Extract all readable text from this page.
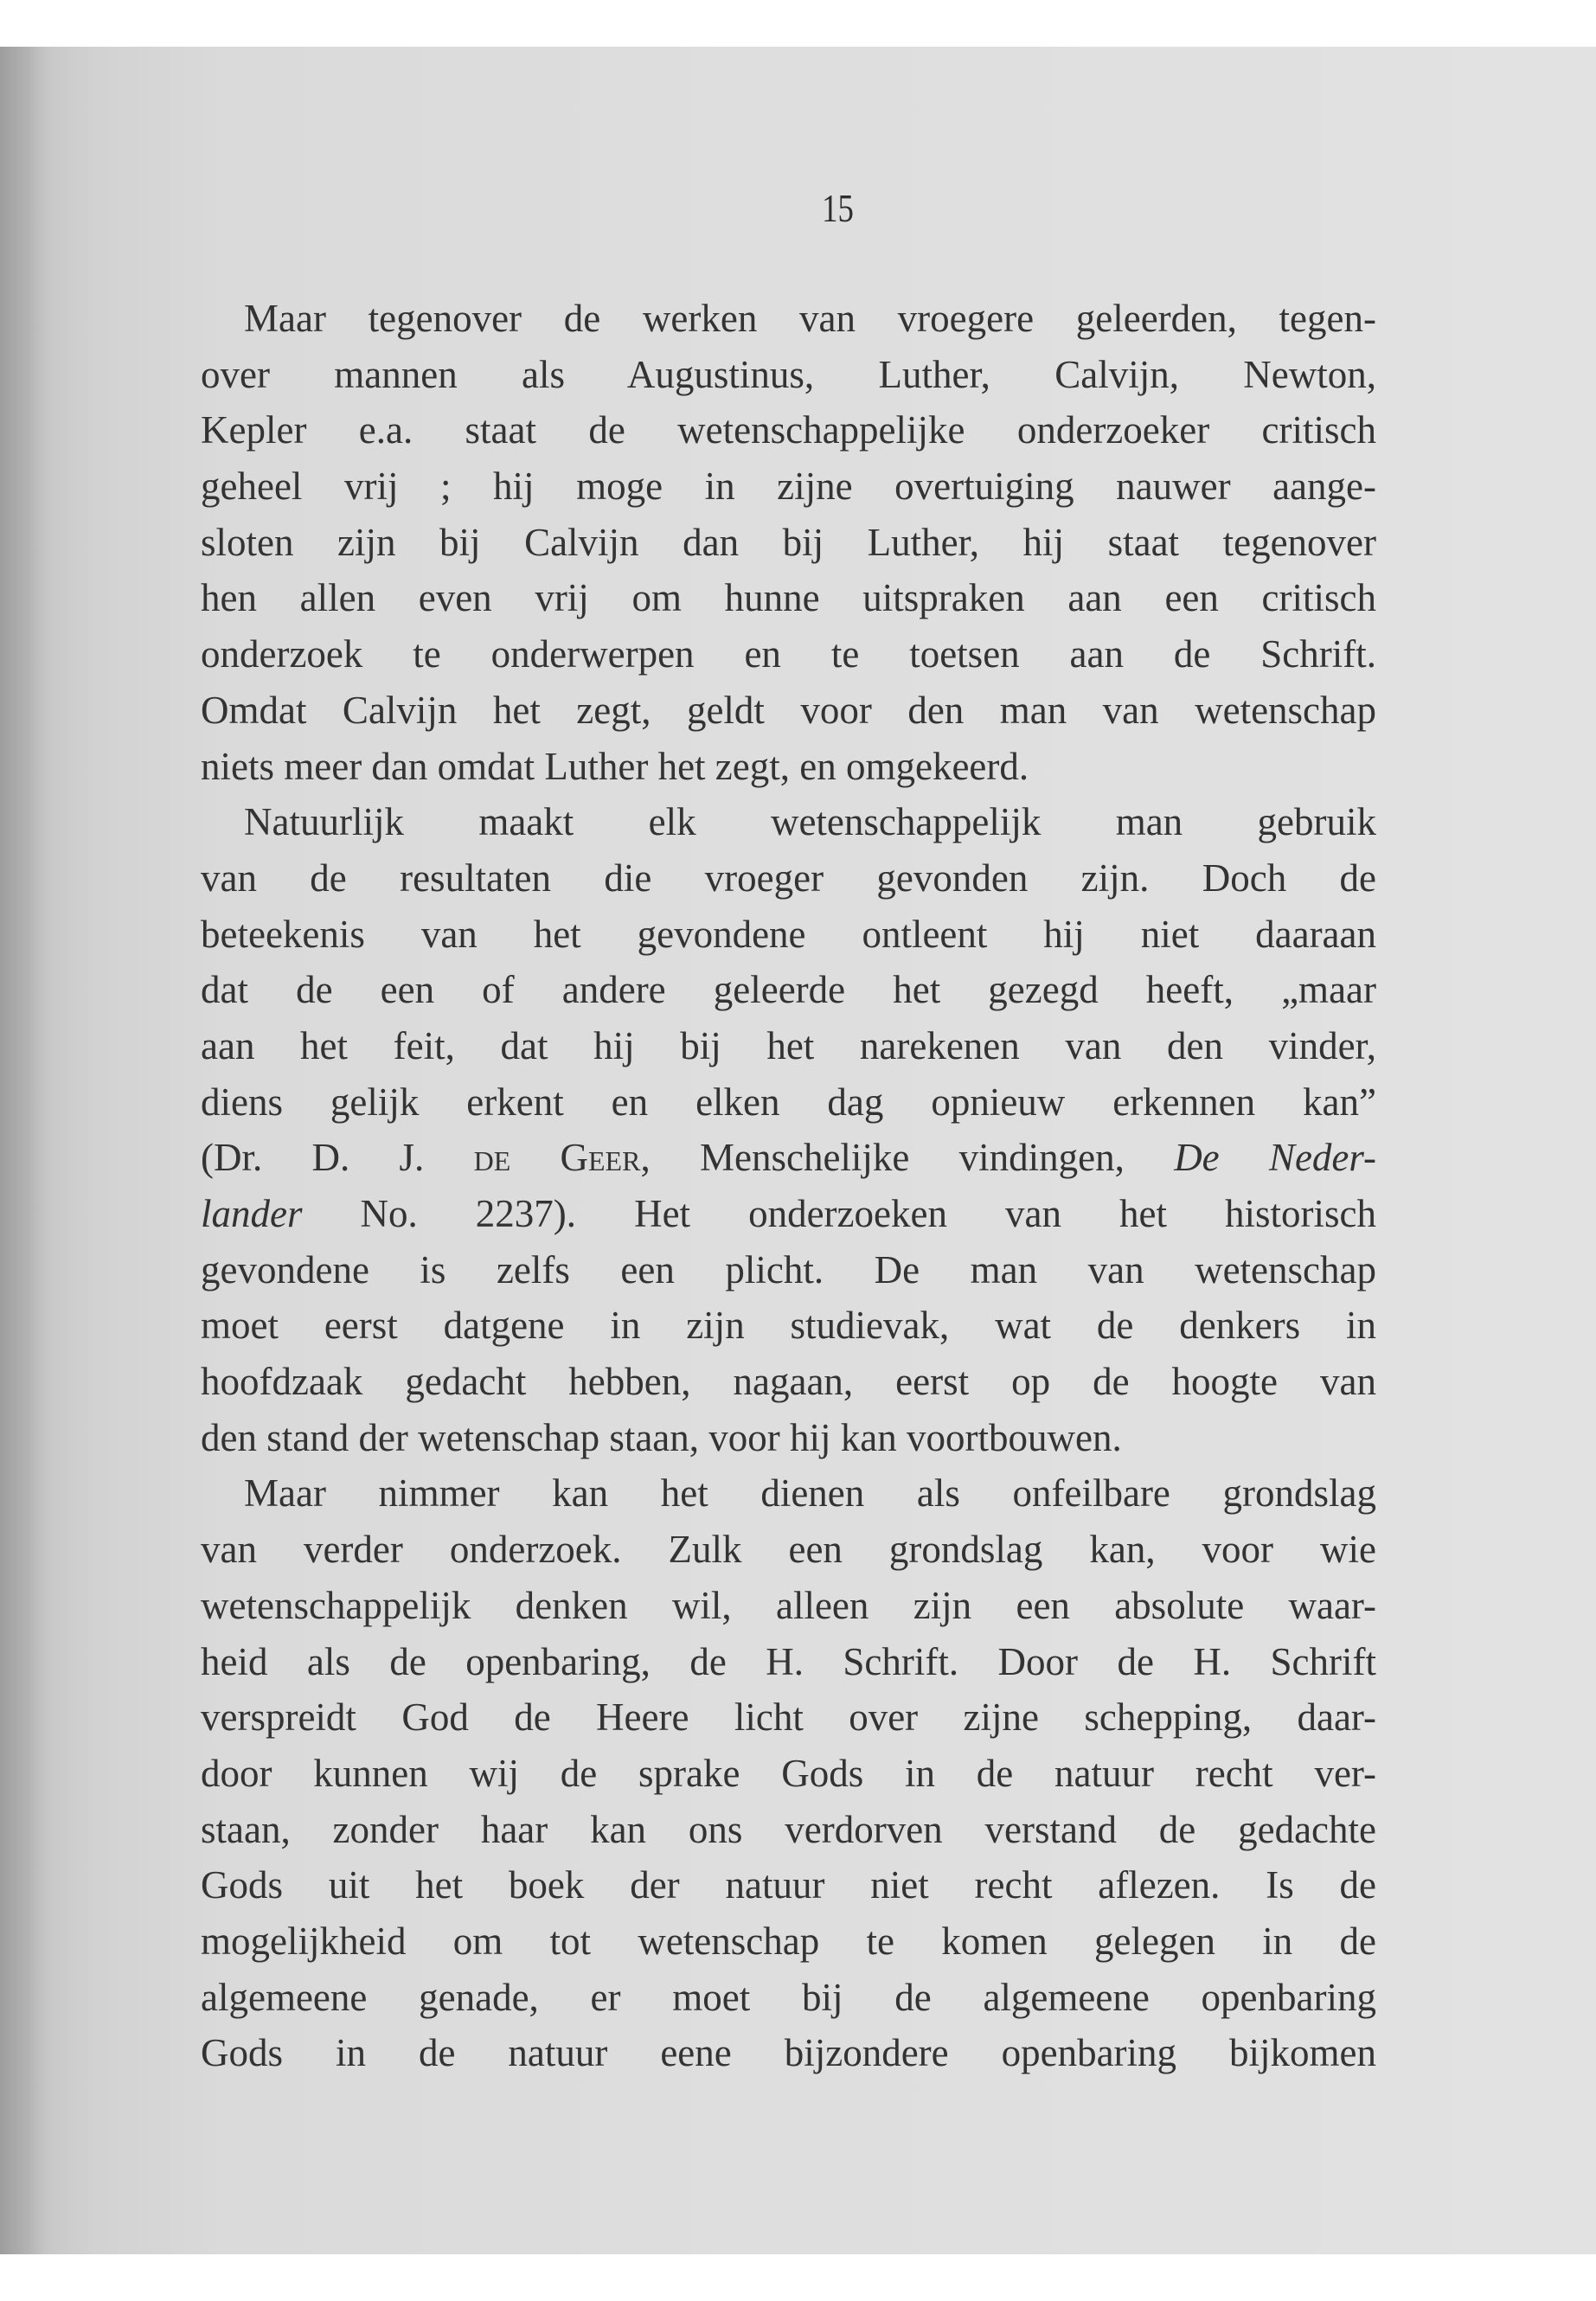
15
Maar tegenover de werken van vroegere geleerden, tegen-
over mannen als Augustinus, Luther, Calvijn, Newton,
Kepler e.a. staat de wetenschappelijke onderzoeker critisch
geheel vrij ; hij moge in zijne overtuiging nauwer aange-
sloten zijn bij Calvijn dan bij Luther, hij staat tegenover
hen allen even vrij om hunne uitspraken aan een critisch
onderzoek te onderwerpen en te toetsen aan de Schrift.
Omdat Calvijn het zegt, geldt voor den man van wetenschap
niets meer dan omdat Luther het zegt, en omgekeerd.
Natuurlijk maakt elk wetenschappelijk man gebruik
van de resultaten die vroeger gevonden zijn. Doch de
beteekenis van het gevondene ontleent hij niet daaraan
dat de een of andere geleerde het gezegd heeft, „maar
aan het feit, dat hij bij het narekenen van den vinder,
diens gelijk erkent en elken dag opnieuw erkennen kan”
(Dr. D. J. de Geer, Menschelijke vindingen, De Neder-
lander No. 2237). Het onderzoeken van het historisch
gevondene is zelfs een plicht. De man van wetenschap
moet eerst datgene in zijn studievak, wat de denkers in
hoofdzaak gedacht hebben, nagaan, eerst op de hoogte van
den stand der wetenschap staan, voor hij kan voortbouwen.
Maar nimmer kan het dienen als onfeilbare grondslag
van verder onderzoek. Zulk een grondslag kan, voor wie
wetenschappelijk denken wil, alleen zijn een absolute waar-
heid als de openbaring, de H. Schrift. Door de H. Schrift
verspreidt God de Heere licht over zijne schepping, daar-
door kunnen wij de sprake Gods in de natuur recht ver-
staan, zonder haar kan ons verdorven verstand de gedachte
Gods uit het boek der natuur niet recht aflezen. Is de
mogelijkheid om tot wetenschap te komen gelegen in de
algemeene genade, er moet bij de algemeene openbaring
Gods in de natuur eene bijzondere openbaring bijkomen
